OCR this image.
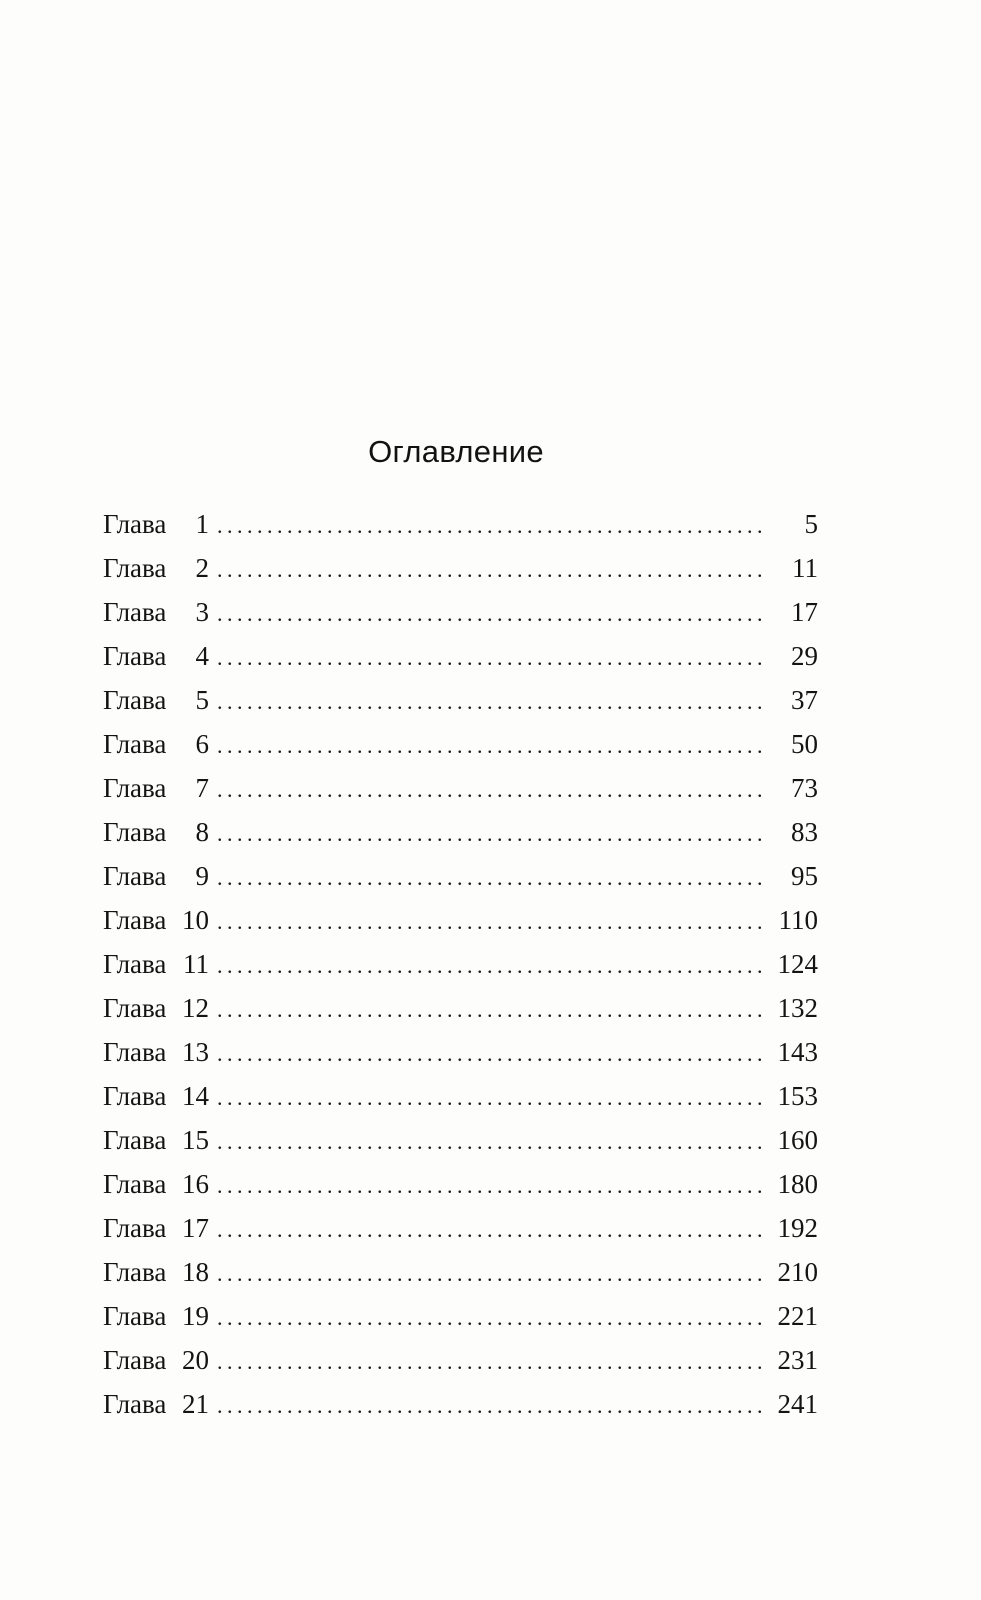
Оглавление
Глава	1 . . .	5
Глава	2 . . .	11
Глава	3 . . .	17
Глава	4 . . .	29
Глава	5 . . .	37
Глава	6 . . .	50
Глава	7 . . .	73
Глава	8 . . .	83
Глава	9 . . .	95
Глава 10 . . .	110
Глава 11 . . .	124
Глава 12 . . .	132
Глава 13 . . .	143
Глава 14 . . .	153
Глава 15 . . .	160
Глава 16 . . .	180
Глава 17 . . .	192
Глава 18 . . .	210
Глава 19 . . .	221
Глава 20 . . .	231
Глава 21 . . .	241
